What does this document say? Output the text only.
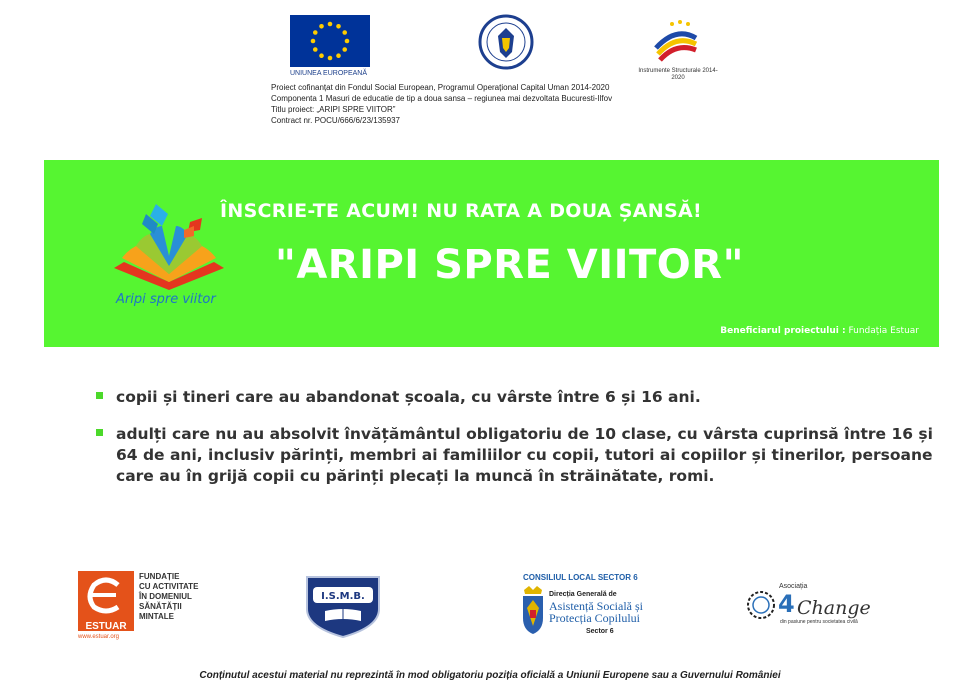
UNIUNEA EUROPEANĂ	Instrumente Structurale 2014-2020
Proiect cofinanțat din Fondul Social European, Programul Operațional Capital Uman 2014-2020
Componenta 1 Masuri de educatie de tip a doua sansa – regiunea mai dezvoltata Bucuresti-Ilfov
Titlu proiect: „ARIPI SPRE VIITOR”
Contract nr. POCU/666/6/23/135937
Aripi spre viitor
ÎNSCRIE-TE ACUM! NU RATA A DOUA ȘANSĂ!
"ARIPI SPRE VIITOR"
Beneficiarul proiectului : Fundația Estuar
copii și tineri care au abandonat școala, cu vârste între 6 și 16 ani.
adulți care nu au absolvit învățământul obligatoriu de 10 clase, cu vârsta cuprinsă între 16 și 64 de ani, inclusiv părinți, membri ai familiilor cu copii, tutori ai copiilor și tinerilor, persoane care au în grijă copii cu părinți plecați la muncă în străinătate, romi.
ESTUAR
www.estuar.org
FUNDAȚIE
CU ACTIVITATE
ÎN DOMENIUL
SĂNĂTĂȚII
MINTALE
I.S.M.B.
CONSILIUL LOCAL SECTOR 6
Direcția Generală de
Asistență Socială și
Protecția Copilului
Sector 6
Asociația
4 Change
din pasiune pentru societatea civilă
Conținutul acestui material nu reprezintă în mod obligatoriu poziția oficială a Uniunii Europene sau a Guvernului României
